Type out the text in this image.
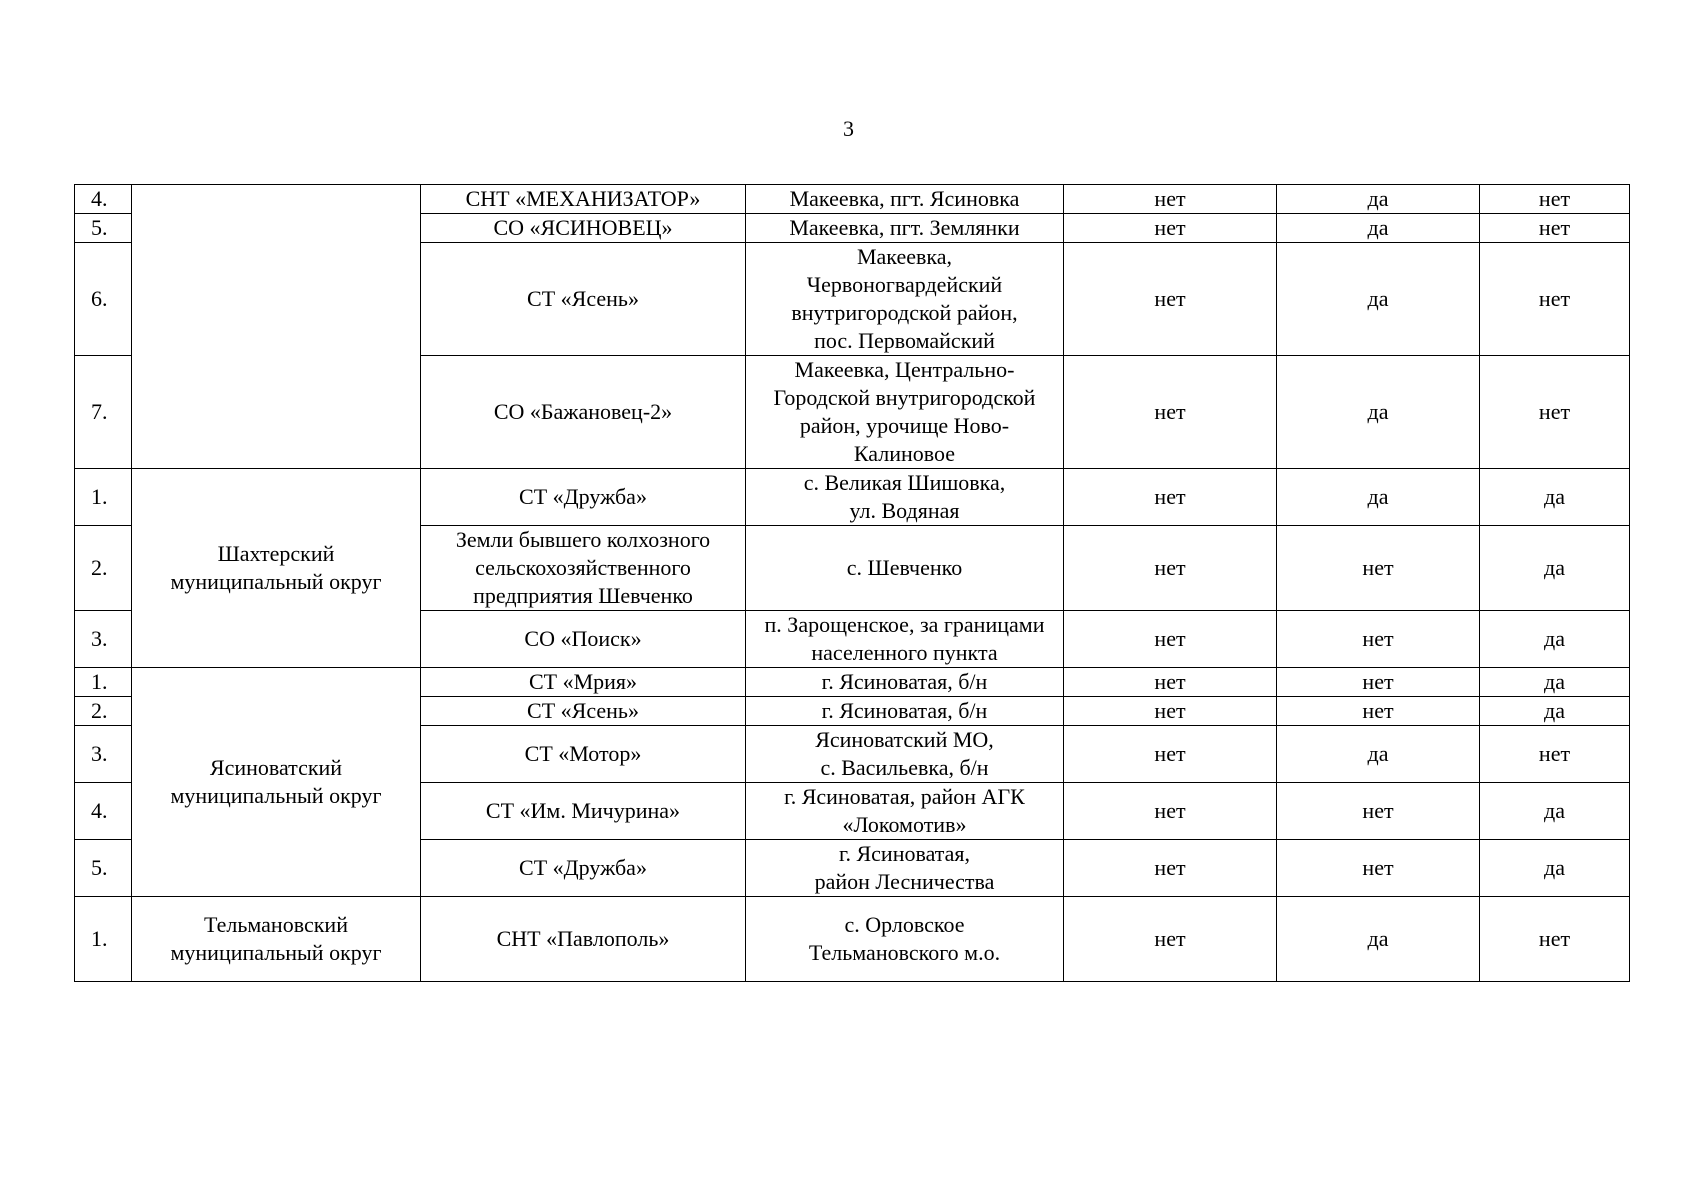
3
4.		СНТ «МЕХАНИЗАТОР»	Макеевка, пгт. Ясиновка	нет	да	нет
5.		СО «ЯСИНОВЕЦ»	Макеевка, пгт. Землянки	нет	да	нет
6.		СТ «Ясень»	Макеевка,
Червоногвардейский
внутригородской район,
пос. Первомайский	нет	да	нет
7.		СО «Бажановец-2»	Макеевка, Центрально-
Городской внутригородской
район, урочище Ново-
Калиновое	нет	да	нет
1.	Шахтерский
муниципальный округ	СТ «Дружба»	с. Великая Шишовка,
ул. Водяная	нет	да	да
2.		Земли бывшего колхозного
сельскохозяйственного
предприятия Шевченко	с. Шевченко	нет	нет	да
3.		СО «Поиск»	п. Зарощенское, за границами
населенного пункта	нет	нет	да
1.	Ясиноватский
муниципальный округ	СТ «Мрия»	г. Ясиноватая, б/н	нет	нет	да
2.		СТ «Ясень»	г. Ясиноватая, б/н	нет	нет	да
3.		СТ «Мотор»	Ясиноватский МО,
с. Васильевка, б/н	нет	да	нет
4.		СТ «Им. Мичурина»	г. Ясиноватая, район АГК
«Локомотив»	нет	нет	да
5.		СТ «Дружба»	г. Ясиноватая,
район Лесничества	нет	нет	да
1.	Тельмановский
муниципальный округ	СНТ «Павлополь»	с. Орловское
Тельмановского м.о.	нет	да	нет
